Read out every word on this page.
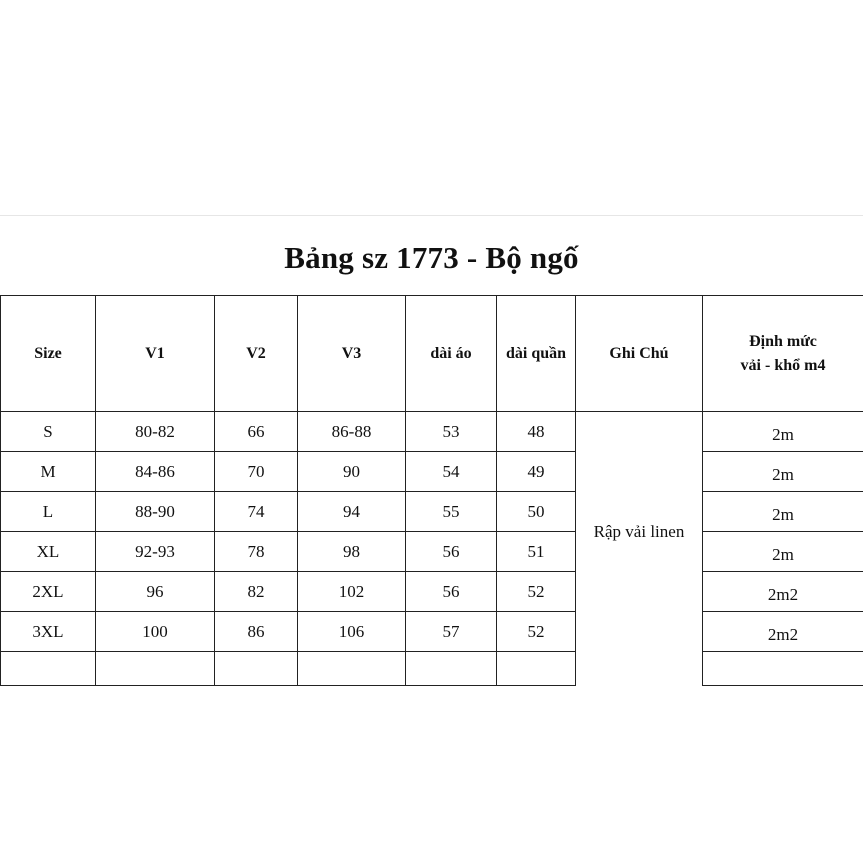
Bảng sz 1773 - Bộ ngố
Size	V1	V2	V3	dài áo	dài quần	Ghi Chú	Định mức
vải - khổ m4

S	80-82	66	86-88	53	48	Rập vải linen	2m
M	84-86	70	90	54	49		2m
L	88-90	74	94	55	50		2m
XL	92-93	78	98	56	51		2m
2XL	96	82	102	56	52		2m2
3XL	100	86	106	57	52		2m2
